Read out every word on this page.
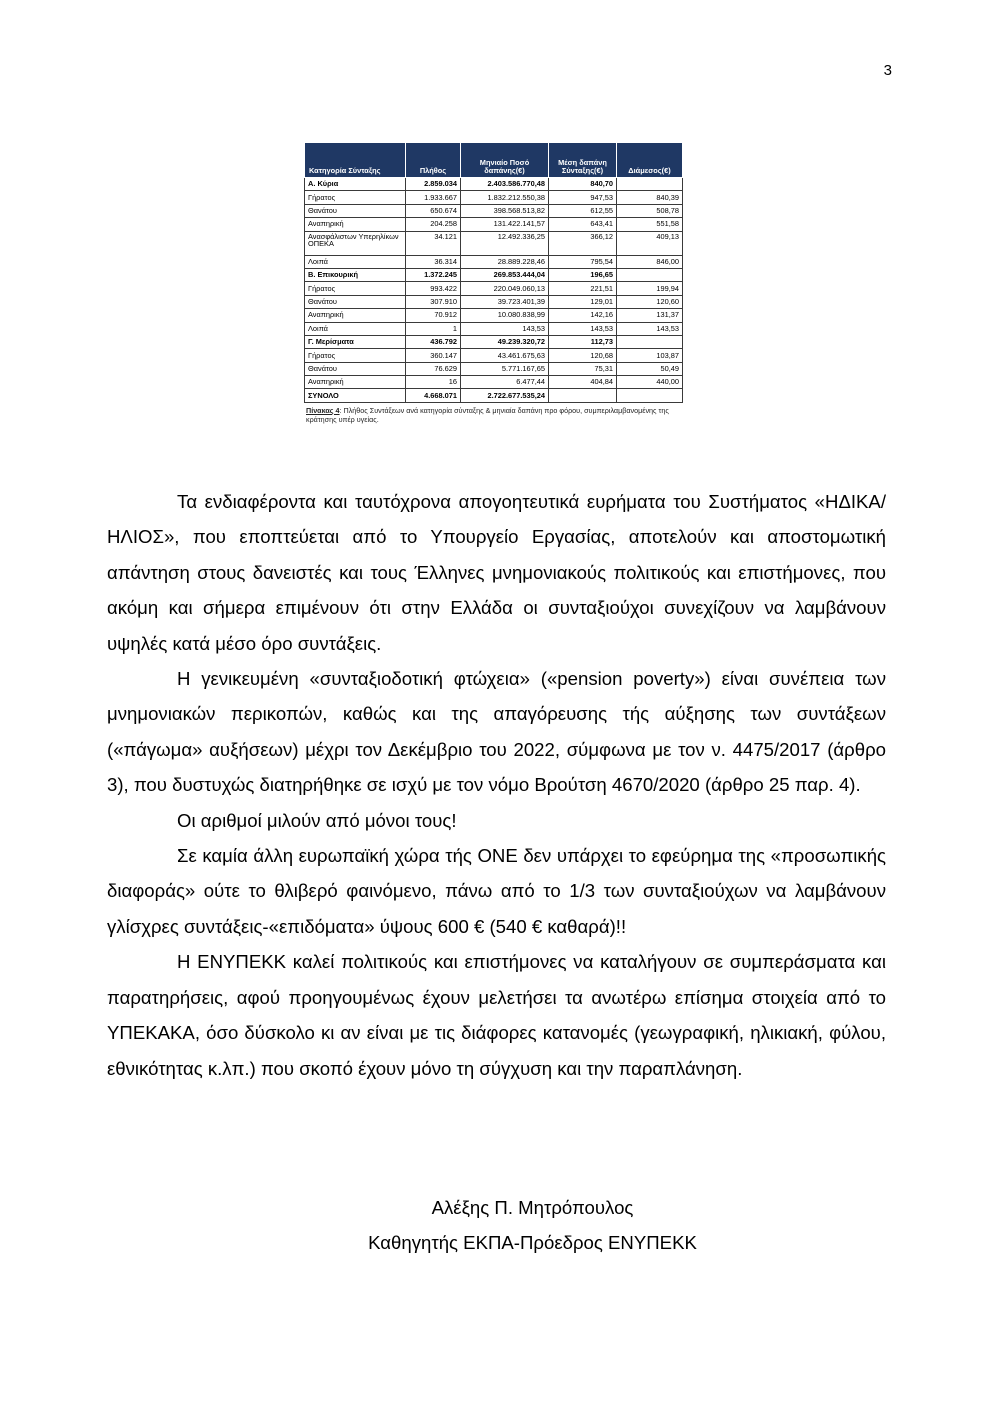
3
Κατηγορία Σύνταξης	Πλήθος	Μηνιαίο Ποσό δαπάνης(€)	Μέση δαπάνη Σύνταξης(€)	Διάμεσος(€)
Α. Κύρια	2.859.034	2.403.586.770,48	840,70	
Γήρατος	1.933.667	1.832.212.550,38	947,53	840,39
Θανάτου	650.674	398.568.513,82	612,55	508,78
Αναπηρική	204.258	131.422.141,57	643,41	551,58
Ανασφάλιστων Υπερηλίκων ΟΠΕΚΑ	34.121	12.492.336,25	366,12	409,13
Λοιπά	36.314	28.889.228,46	795,54	846,00
Β. Επικουρική	1.372.245	269.853.444,04	196,65	
Γήρατος	993.422	220.049.060,13	221,51	199,94
Θανάτου	307.910	39.723.401,39	129,01	120,60
Αναπηρική	70.912	10.080.838,99	142,16	131,37
Λοιπά	1	143,53	143,53	143,53
Γ. Μερίσματα	436.792	49.239.320,72	112,73	
Γήρατος	360.147	43.461.675,63	120,68	103,87
Θανάτου	76.629	5.771.167,65	75,31	50,49
Αναπηρική	16	6.477,44	404,84	440,00
ΣΥΝΟΛΟ	4.668.071	2.722.677.535,24		
Πίνακας 4: Πλήθος Συντάξεων ανά κατηγορία σύνταξης & μηνιαία δαπάνη προ φόρου, συμπεριλαμβανομένης της κράτησης υπέρ υγείας.

Τα ενδιαφέροντα και ταυτόχρονα απογοητευτικά ευρήματα του Συστήματος «ΗΔΙΚΑ/ΗΛΙΟΣ», που εποπτεύεται από το Υπουργείο Εργασίας, αποτελούν και αποστομωτική απάντηση στους δανειστές και τους Έλληνες μνημονιακούς πολιτικούς και επιστήμονες, που ακόμη και σήμερα επιμένουν ότι στην Ελλάδα οι συνταξιούχοι συνεχίζουν να λαμβάνουν υψηλές κατά μέσο όρο συντάξεις.

Η γενικευμένη «συνταξιοδοτική φτώχεια» («pension poverty») είναι συνέπεια των μνημονιακών περικοπών, καθώς και της απαγόρευσης τής αύξησης των συντάξεων («πάγωμα» αυξήσεων) μέχρι τον Δεκέμβριο του 2022, σύμφωνα με τον ν. 4475/2017 (άρθρο 3), που δυστυχώς διατηρήθηκε σε ισχύ με τον νόμο Βρούτση 4670/2020 (άρθρο 25 παρ. 4).

Οι αριθμοί μιλούν από μόνοι τους!

Σε καμία άλλη ευρωπαϊκή χώρα τής ΟΝΕ δεν υπάρχει το εφεύρημα της «προσωπικής διαφοράς» ούτε το θλιβερό φαινόμενο, πάνω από το 1/3 των συνταξιούχων να λαμβάνουν γλίσχρες συντάξεις-«επιδόματα» ύψους 600 € (540 € καθαρά)!!

Η ΕΝΥΠΕΚΚ καλεί πολιτικούς και επιστήμονες να καταλήγουν σε συμπεράσματα και παρατηρήσεις, αφού προηγουμένως έχουν μελετήσει τα ανωτέρω επίσημα στοιχεία από το ΥΠΕΚΑΚΑ, όσο δύσκολο κι αν είναι με τις διάφορες κατανομές (γεωγραφική, ηλικιακή, φύλου, εθνικότητας κ.λπ.) που σκοπό έχουν μόνο τη σύγχυση και την παραπλάνηση.

Αλέξης Π. Μητρόπουλος
Καθηγητής ΕΚΠΑ-Πρόεδρος ΕΝΥΠΕΚΚ
